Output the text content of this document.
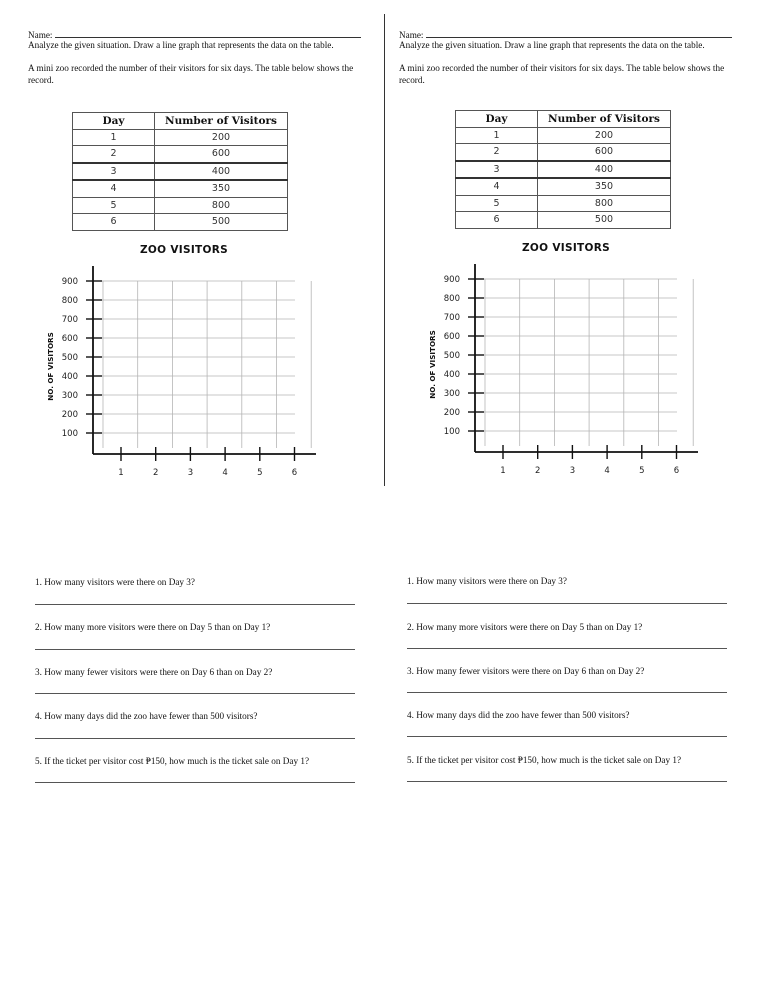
Name:
Analyze the given situation. Draw a line graph that represents the data on the table.
A mini zoo recorded the number of their visitors for six days. The table below shows the record.
Day	Number of Visitors
1	200
2	600
3	400
4	350
5	800
6	500
ZOO VISITORS
100
200
300
400
500
600
700
800
900
1	2	3	4	5	6
NO. OF VISITORS
1. How many visitors were there on Day 3?
2. How many more visitors were there on Day 5 than on Day 1?
3. How many fewer visitors were there on Day 6 than on Day 2?
4. How many days did the zoo have fewer than 500 visitors?
5. If the ticket per visitor cost ₱150, how much is the ticket sale on Day 1?
Name:
Analyze the given situation. Draw a line graph that represents the data on the table.
A mini zoo recorded the number of their visitors for six days. The table below shows the record.
Day	Number of Visitors
1	200
2	600
3	400
4	350
5	800
6	500
ZOO VISITORS
100
200
300
400
500
600
700
800
900
1	2	3	4	5	6
NO. OF VISITORS
1. How many visitors were there on Day 3?
2. How many more visitors were there on Day 5 than on Day 1?
3. How many fewer visitors were there on Day 6 than on Day 2?
4. How many days did the zoo have fewer than 500 visitors?
5. If the ticket per visitor cost ₱150, how much is the ticket sale on Day 1?
